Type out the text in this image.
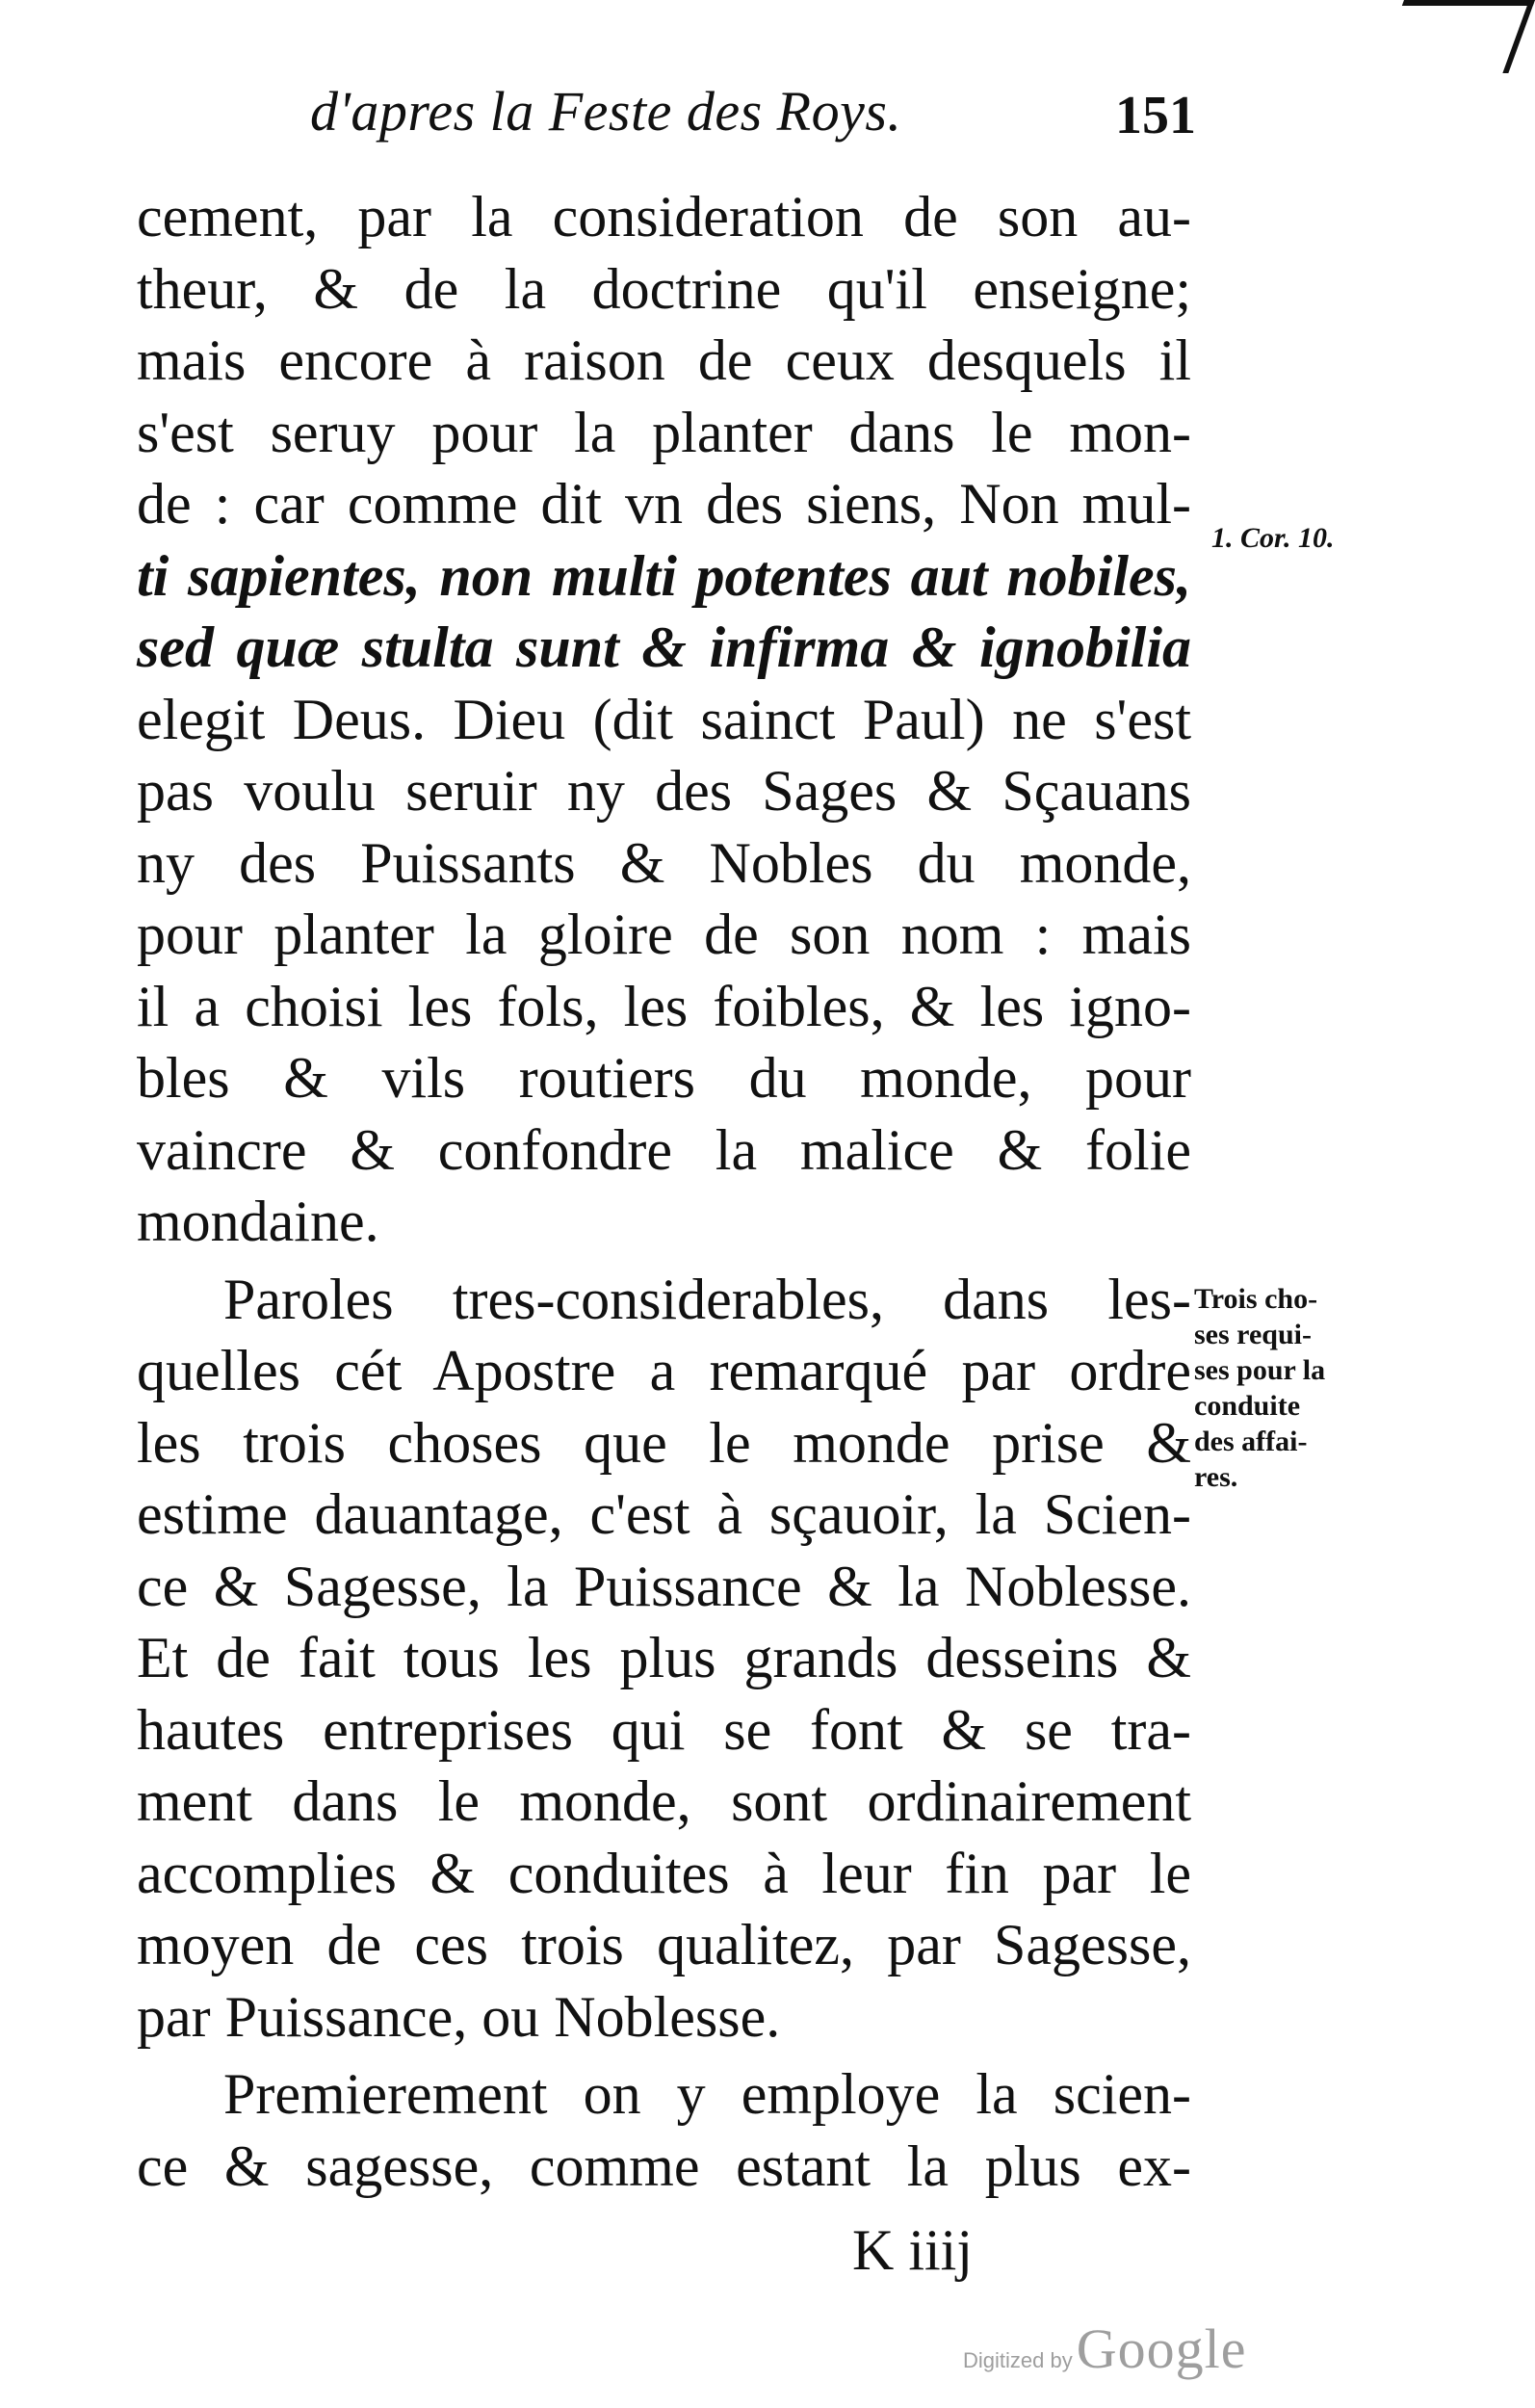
d'apres la Feste des Roys.	151
cement, par la consideration de son au-
theur, & de la doctrine qu'il enseigne;
mais encore à raison de ceux desquels il
s'est seruy pour la planter dans le mon-
de : car comme dit vn des siens, Non mul-
ti sapientes, non multi potentes aut nobiles,
sed quæ stulta sunt & infirma & ignobilia
elegit Deus. Dieu (dit sainct Paul) ne s'est
pas voulu seruir ny des Sages & Sçauans
ny des Puissants & Nobles du monde,
pour planter la gloire de son nom : mais
il a choisi les fols, les foibles, & les igno-
bles & vils routiers du monde, pour
vaincre & confondre la malice & folie
mondaine.
Paroles tres-considerables, dans les-
quelles cét Apostre a remarqué par ordre
les trois choses que le monde prise &
estime dauantage, c'est à sçauoir, la Scien-
ce & Sagesse, la Puissance & la Noblesse.
Et de fait tous les plus grands desseins &
hautes entreprises qui se font & se tra-
ment dans le monde, sont ordinairement
accomplies & conduites à leur fin par le
moyen de ces trois qualitez, par Sagesse,
par Puissance, ou Noblesse.
Premierement on y employe la scien-
ce & sagesse, comme estant la plus ex-
1. Cor. 10.
Trois cho-
ses requi-
ses pour la
conduite
des affai-
res.
K iiij
Digitized by Google
